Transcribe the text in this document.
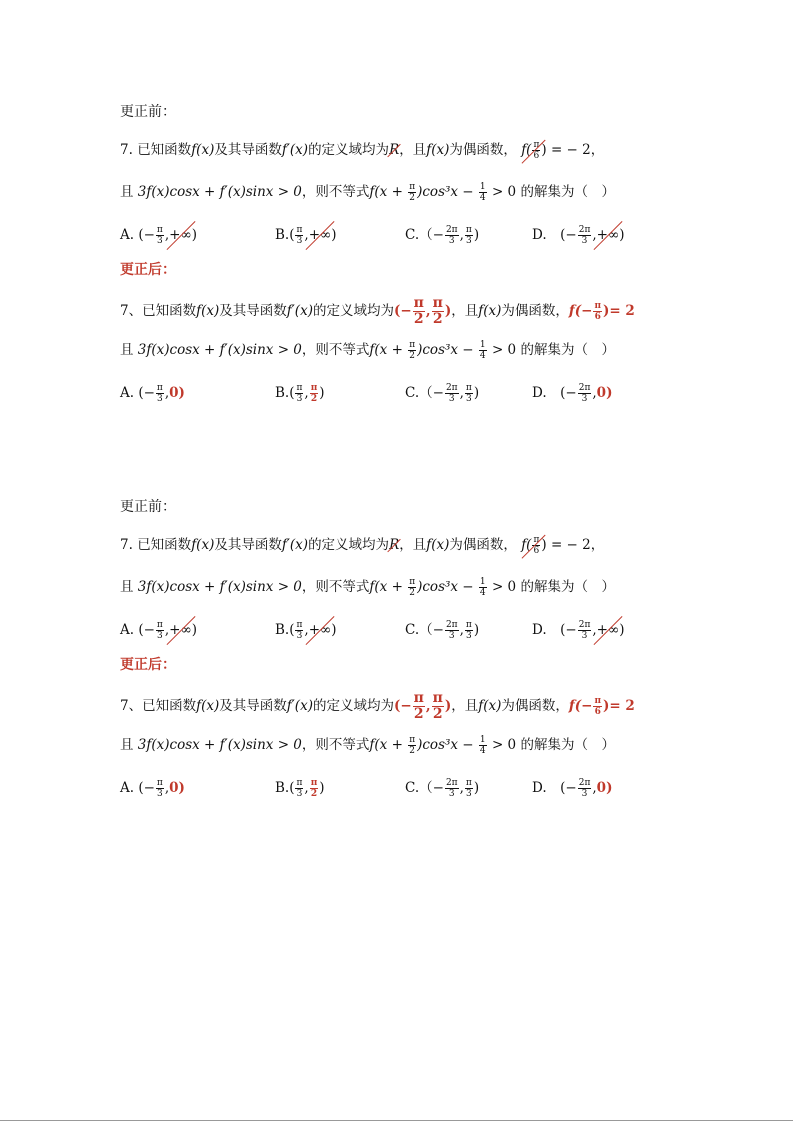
更正前：
7. 已知函数f(x)及其导函数f′(x)的定义域均为R，且f(x)为偶函数， $f( \frac{\pi}{6}$ ) = − 2，
且 3f(x)cosx + f′(x)sinx > 0，则不等式$f(x + \frac{\pi}{2} )\cos^3x - \frac{1}{4} > 0$ 的解集为（　）
A. (− $\frac{\pi}{3}$ ,+∞)	$B.( \frac{\pi}{3}$ ,+∞)	$C.(- \frac{2\pi}{3}$ , $\frac{\pi}{3}$ )	D.　(− $\frac{2\pi}{3}$ ,+∞)
更正后：
7、已知函数f(x)及其导函数f′(x)的定义域均为(− $\frac{\pi}{2}$ , $\frac{\pi}{2}$ )，且f(x)为偶函数，$f(- \frac{\pi}{6}$ )= 2
且 3f(x)cosx + f′(x)sinx > 0，则不等式$f(x + \frac{\pi}{2} )\cos^3x - \frac{1}{4} > 0$ 的解集为（　）
A. (− $\frac{\pi}{3} ,0$)	$B.( \frac{\pi}{3}$ , $\frac{\pi}{2}$ )	$C.(- \frac{2\pi}{3}$ , $\frac{\pi}{3}$ )	D.　(− $\frac{2\pi}{3} ,0$)
更正前：
7. 已知函数f(x)及其导函数f′(x)的定义域均为R，且f(x)为偶函数， $f( \frac{\pi}{6}$ ) = − 2，
且 3f(x)cosx + f′(x)sinx > 0，则不等式$f(x + \frac{\pi}{2} )\cos^3x - \frac{1}{4} > 0$ 的解集为（　）
A. (− $\frac{\pi}{3}$ ,+∞)	$B.( \frac{\pi}{3}$ ,+∞)	$C.(- \frac{2\pi}{3}$ , $\frac{\pi}{3}$ )	D.　(− $\frac{2\pi}{3}$ ,+∞)
更正后：
7、已知函数f(x)及其导函数f′(x)的定义域均为(− $\frac{\pi}{2}$ , $\frac{\pi}{2}$ )，且f(x)为偶函数，$f(- \frac{\pi}{6}$ )= 2
且 3f(x)cosx + f′(x)sinx > 0，则不等式$f(x + \frac{\pi}{2} )\cos^3x - \frac{1}{4} > 0$ 的解集为（　）
A. (− $\frac{\pi}{3} ,0$)	$B.( \frac{\pi}{3}$ , $\frac{\pi}{2}$ )	$C.(- \frac{2\pi}{3}$ , $\frac{\pi}{3}$ )	D.　(− $\frac{2\pi}{3} ,0$)
